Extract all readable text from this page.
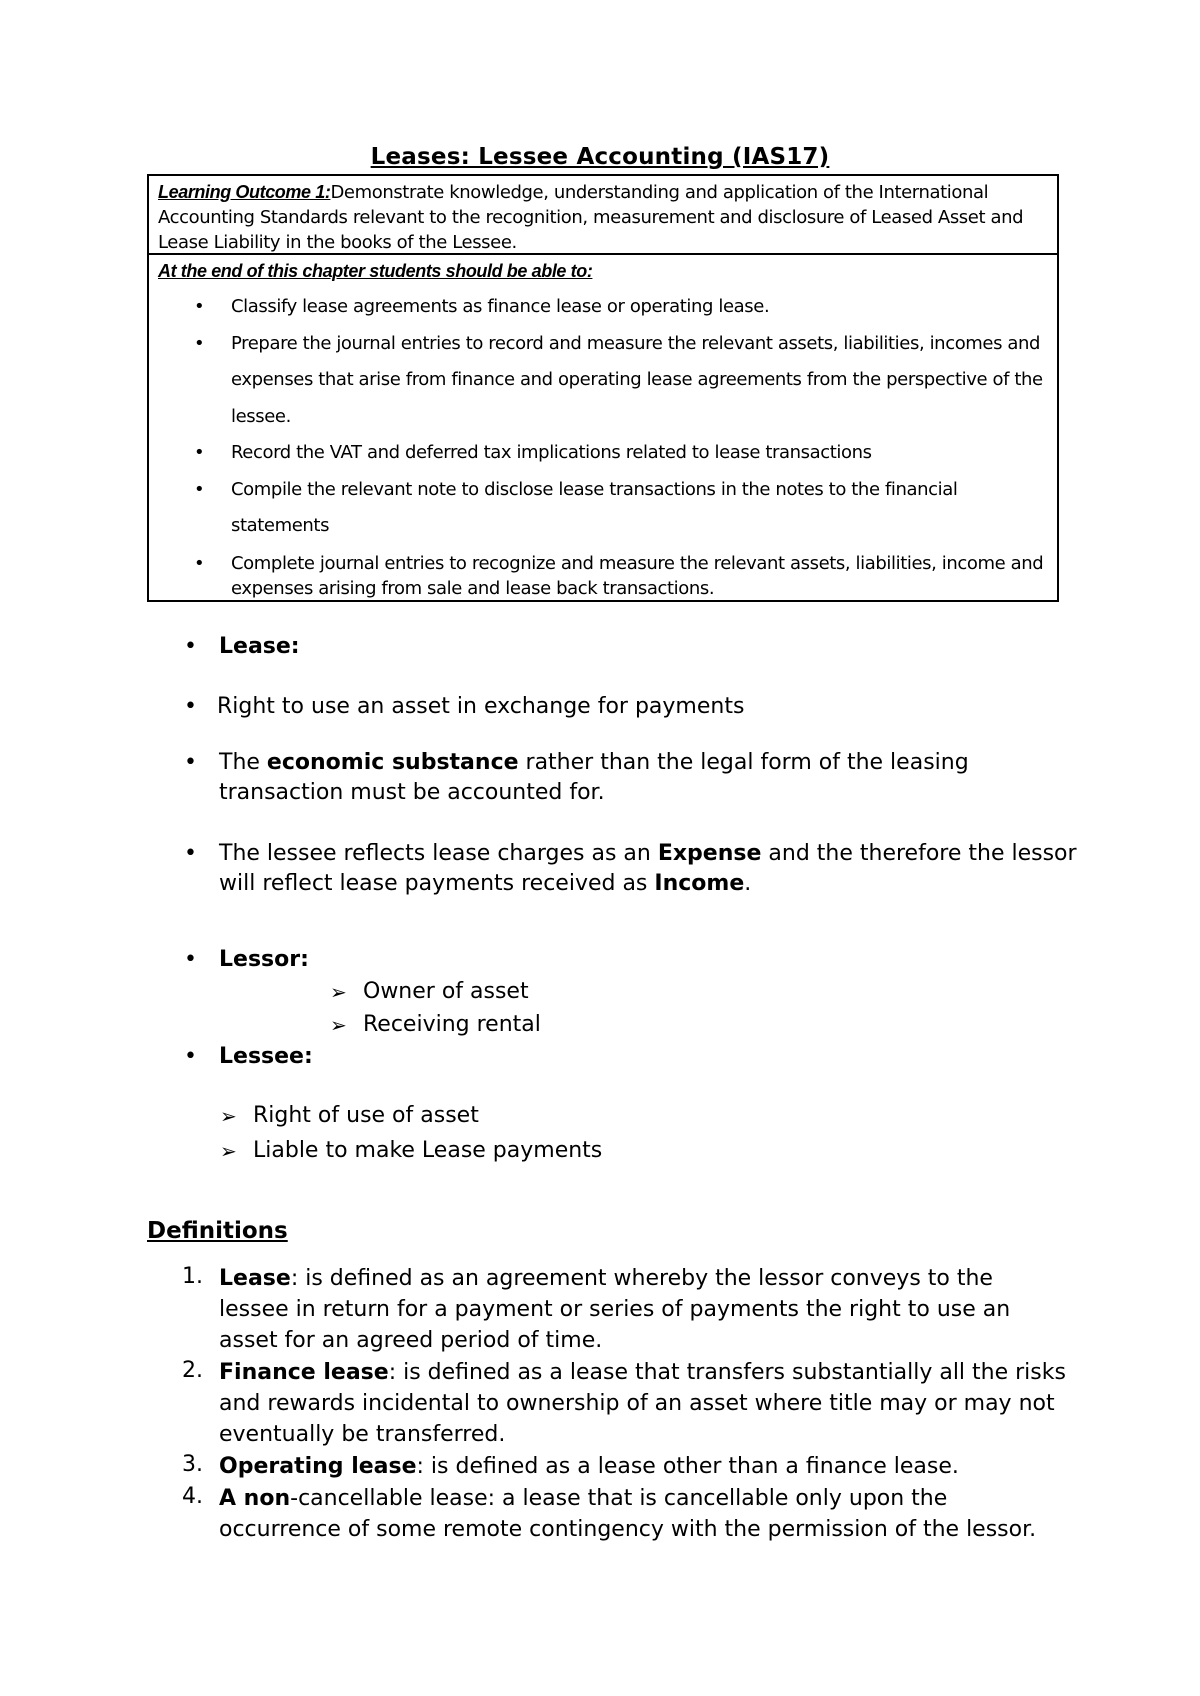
Leases: Lessee Accounting (IAS17)
Learning Outcome 1:Demonstrate knowledge, understanding and application of the International Accounting Standards relevant to the recognition, measurement and disclosure of Leased Asset and Lease Liability in the books of the Lessee.
At the end of this chapter students should be able to:
• Classify lease agreements as finance lease or operating lease.
• Prepare the journal entries to record and measure the relevant assets, liabilities, incomes and expenses that arise from finance and operating lease agreements from the perspective of the lessee.
• Record the VAT and deferred tax implications related to lease transactions
• Compile the relevant note to disclose lease transactions in the notes to the financial statements
• Complete journal entries to recognize and measure the relevant assets, liabilities, income and expenses arising from sale and lease back transactions.
• Lease:
• Right to use an asset in exchange for payments
• The economic substance rather than the legal form of the leasing transaction must be accounted for.
• The lessee reflects lease charges as an Expense and the therefore the lessor will reflect lease payments received as Income.
• Lessor:
➢ Owner of asset
➢ Receiving rental
• Lessee:
➢ Right of use of asset
➢ Liable to make Lease payments
Definitions
1. Lease: is defined as an agreement whereby the lessor conveys to the lessee in return for a payment or series of payments the right to use an asset for an agreed period of time.
2. Finance lease: is defined as a lease that transfers substantially all the risks and rewards incidental to ownership of an asset where title may or may not eventually be transferred.
3. Operating lease: is defined as a lease other than a finance lease.
4. A non-cancellable lease: a lease that is cancellable only upon the occurrence of some remote contingency with the permission of the lessor.
